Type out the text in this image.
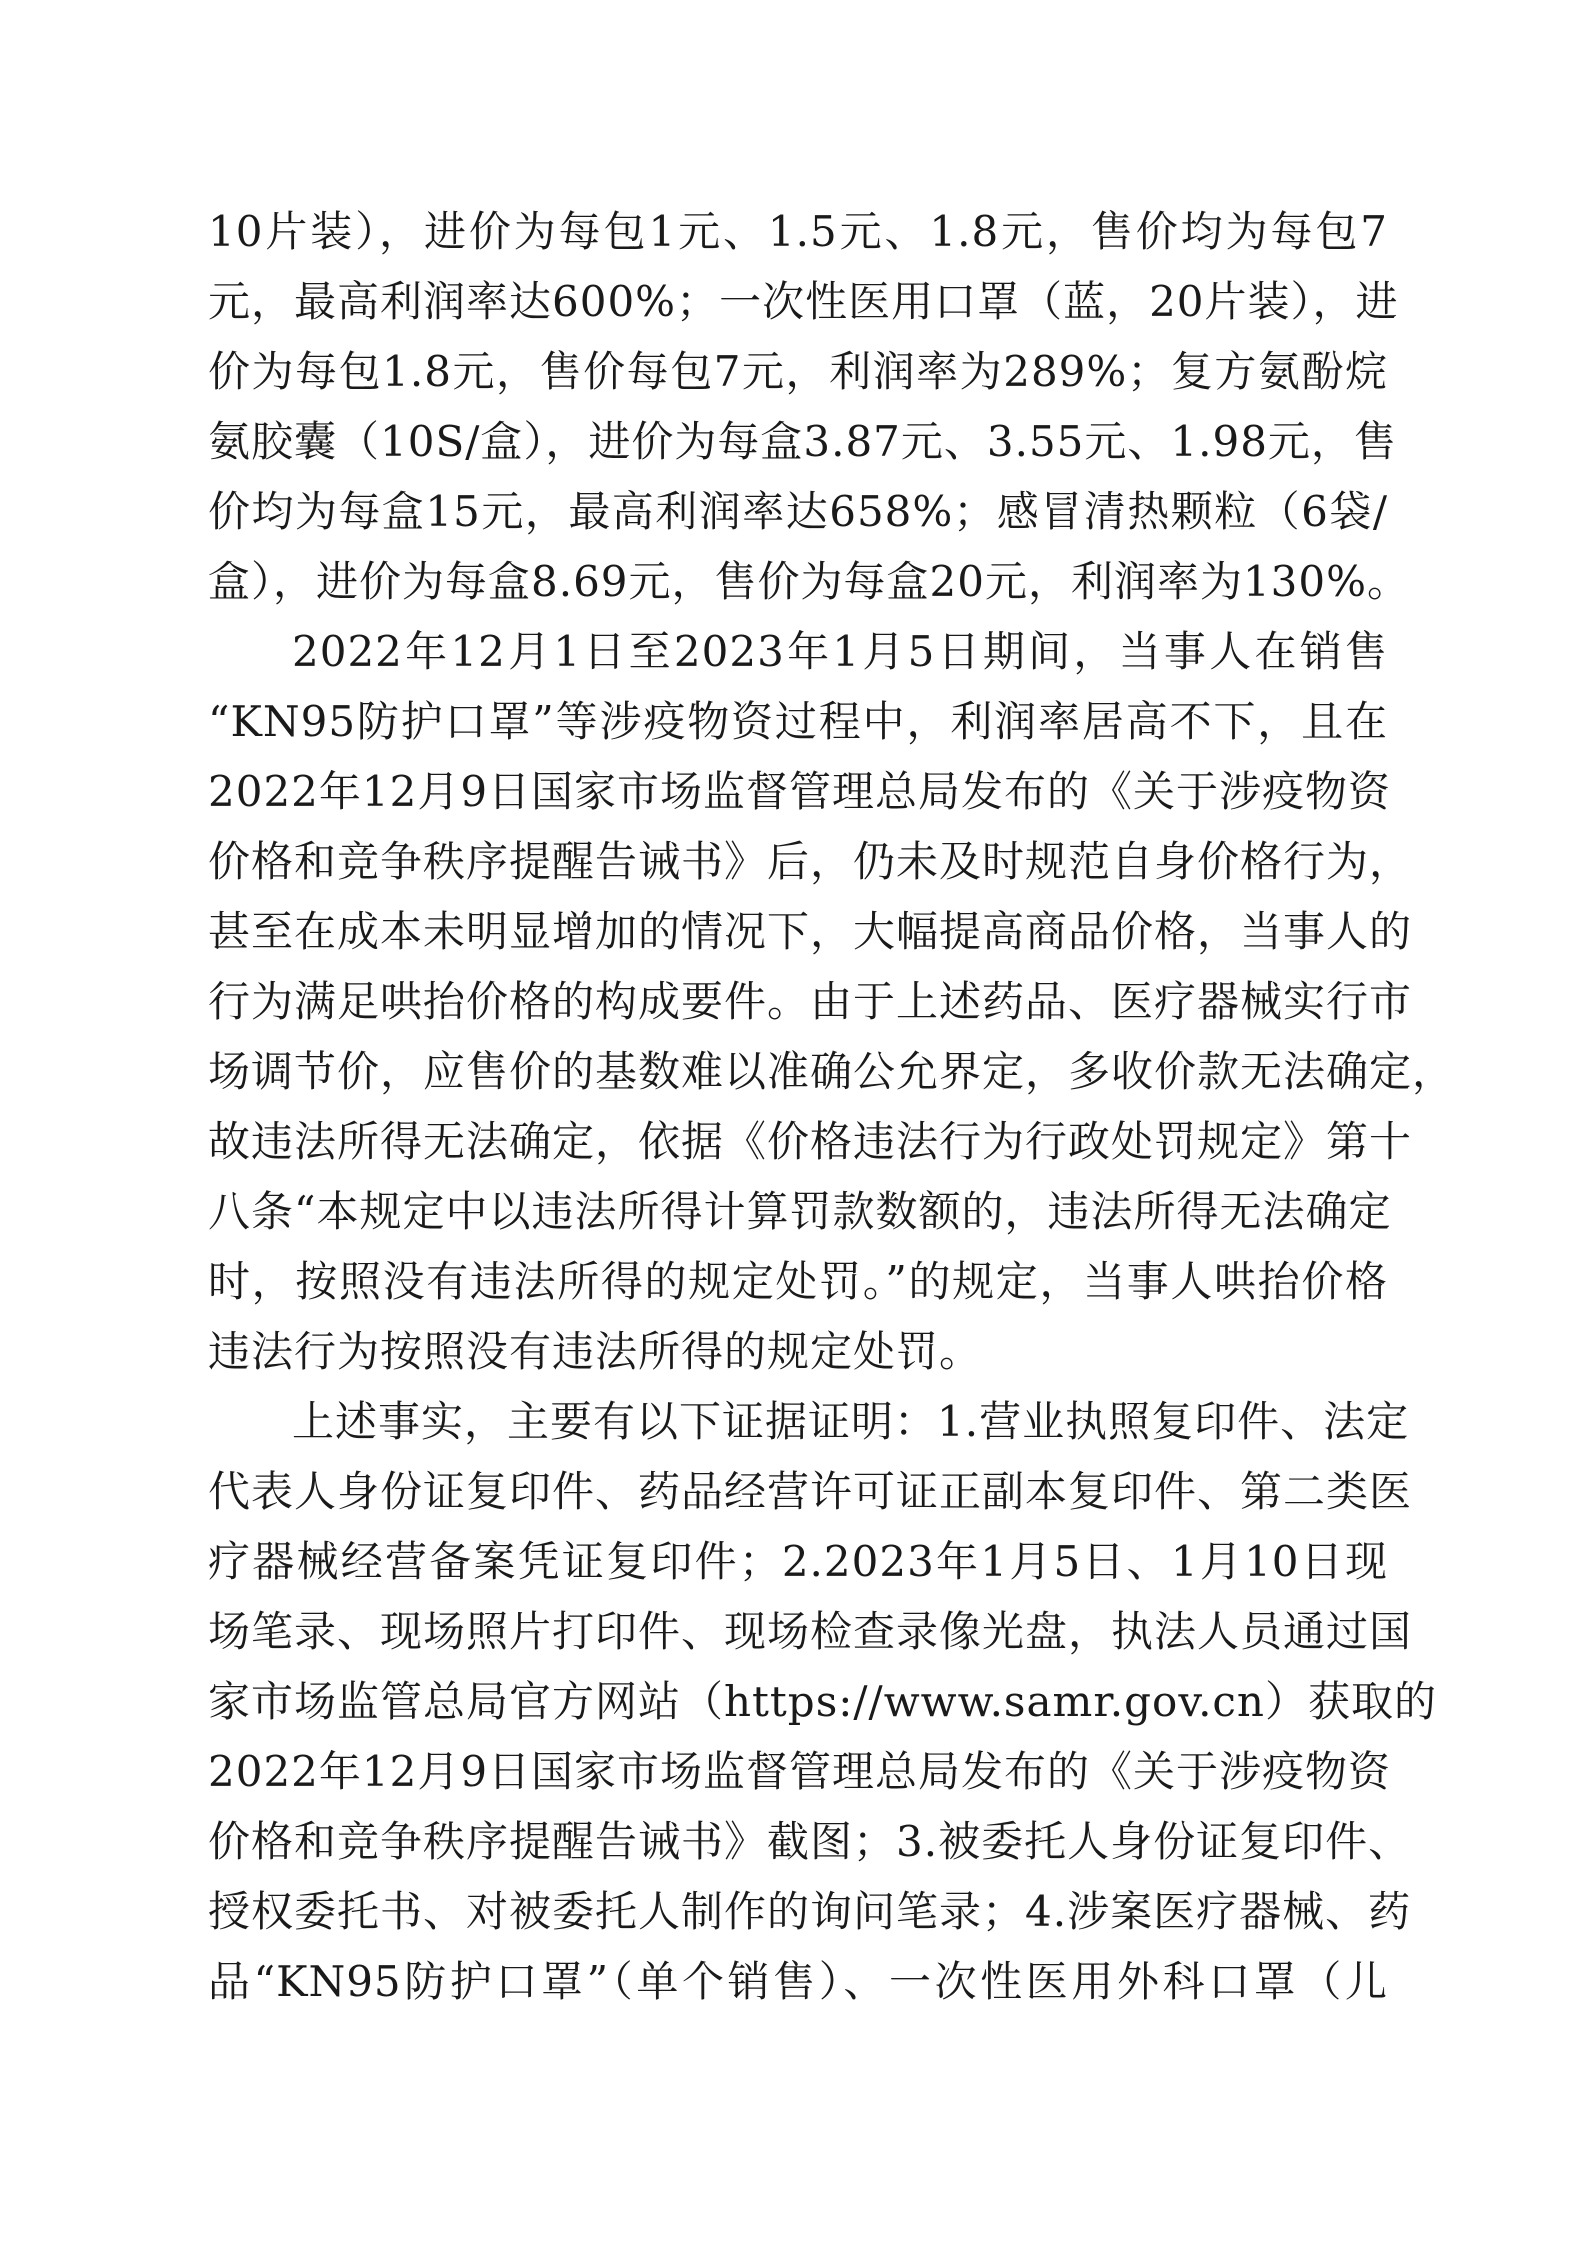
10片装），进价为每包1元、1.5元、1.8元，售价均为每包7
元，最高利润率达600%；一次性医用口罩（蓝，20片装），进
价为每包1.8元，售价每包7元，利润率为289%；复方氨酚烷
氨胶囊（10S/盒），进价为每盒3.87元、3.55元、1.98元，售
价均为每盒15元，最高利润率达658%；感冒清热颗粒（6袋/
盒），进价为每盒8.69元，售价为每盒20元，利润率为130%。
2022年12月1日至2023年1月5日期间，当事人在销售
“KN95防护口罩”等涉疫物资过程中，利润率居高不下，且在
2022年12月9日国家市场监督管理总局发布的《关于涉疫物资
价格和竞争秩序提醒告诫书》后，仍未及时规范自身价格行为，
甚至在成本未明显增加的情况下，大幅提高商品价格，当事人的
行为满足哄抬价格的构成要件。由于上述药品、医疗器械实行市
场调节价，应售价的基数难以准确公允界定，多收价款无法确定，
故违法所得无法确定，依据《价格违法行为行政处罚规定》第十
八条“本规定中以违法所得计算罚款数额的，违法所得无法确定
时，按照没有违法所得的规定处罚。”的规定，当事人哄抬价格
违法行为按照没有违法所得的规定处罚。
上述事实，主要有以下证据证明：1.营业执照复印件、法定
代表人身份证复印件、药品经营许可证正副本复印件、第二类医
疗器械经营备案凭证复印件；2.2023年1月5日、1月10日现
场笔录、现场照片打印件、现场检查录像光盘，执法人员通过国
家市场监管总局官方网站（https://www.samr.gov.cn）获取的
2022年12月9日国家市场监督管理总局发布的《关于涉疫物资
价格和竞争秩序提醒告诫书》截图；3.被委托人身份证复印件、
授权委托书、对被委托人制作的询问笔录；4.涉案医疗器械、药
品“KN95防护口罩”（单个销售）、一次性医用外科口罩（儿
